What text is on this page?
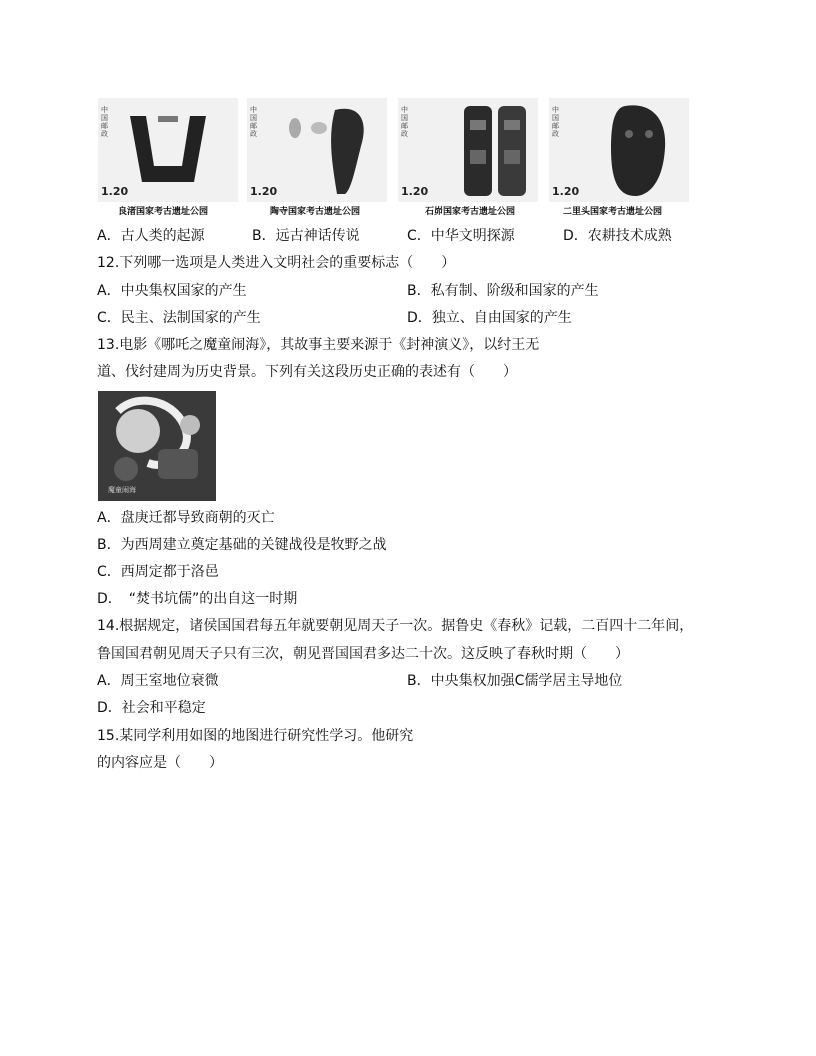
中国邮政
1.20
中国邮政
1.20
中国邮政
1.20
中国邮政
1.20
良渚国家考古遗址公园	陶寺国家考古遗址公园	石峁国家考古遗址公园	二里头国家考古遗址公园
A．古人类的起源	B．远古神话传说	C．中华文明探源	D．农耕技术成熟
12.下列哪一选项是人类进入文明社会的重要标志（　　）
A．中央集权国家的产生	B．私有制、阶级和国家的产生
C．民主、法制国家的产生	D．独立、自由国家的产生
13.电影《哪吒之魔童闹海》，其故事主要来源于《封神演义》，以纣王无
道、伐纣建周为历史背景。下列有关这段历史正确的表述有（　　）
魔童闹海
A．盘庚迁都导致商朝的灭亡
B．为西周建立奠定基础的关键战役是牧野之战
C．西周定都于洛邑
D．　“焚书坑儒”的出自这一时期
14.根据规定，诸侯国国君每五年就要朝见周天子一次。据鲁史《春秋》记载，二百四十二年间，
鲁国国君朝见周天子只有三次，朝见晋国国君多达二十次。这反映了春秋时期（　　）
A．周王室地位衰微	B．中央集权加强C儒学居主导地位
D．社会和平稳定
15.某同学利用如图的地图进行研究性学习。他研究
的内容应是（　　）
